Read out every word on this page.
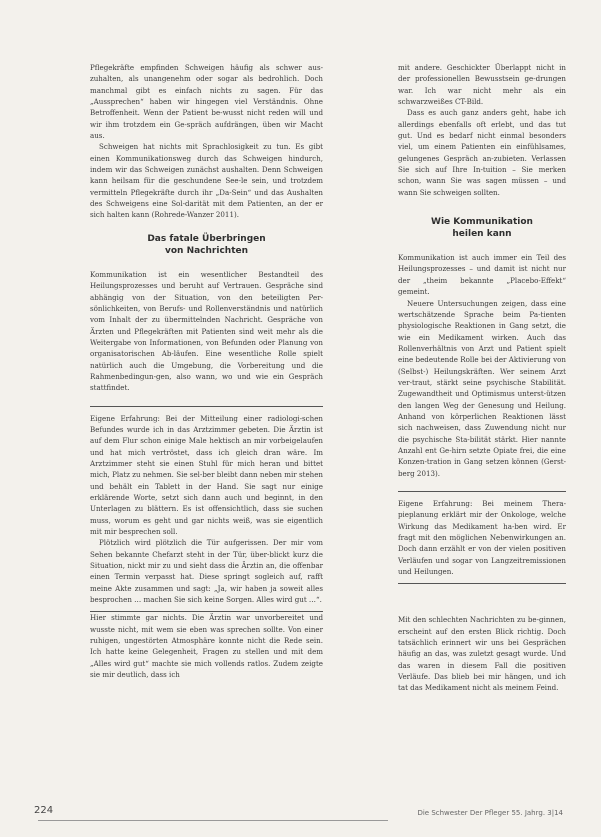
Pflegekräfte empfinden Schweigen häufig als schwer aus-zuhalten, als unangenehm oder sogar als bedrohlich. Doch manchmal gibt es einfach nichts zu sagen. Für das „Aussprechen“ haben wir hingegen viel Verständnis. Ohne Betroffenheit. Wenn der Patient be-wusst nicht reden will und wir ihm trotzdem ein Ge-spräch aufdrängen, üben wir Macht aus.

Schweigen hat nichts mit Sprachlosigkeit zu tun. Es gibt einen Kommunikationsweg durch das Schweigen hindurch, indem wir das Schweigen zunächst aushalten. Denn Schweigen kann heilsam für die geschundene See-le sein, und trotzdem vermitteln Pflegekräfte durch ihr „Da-Sein“ und das Aushalten des Schweigens eine Sol-darität mit dem Patienten, an der er sich halten kann (Rohrede-Wanzer 2011).

Das fatale Überbringen
von Nachrichten

Kommunikation ist ein wesentlicher Bestandteil des Heilungsprozesses und beruht auf Vertrauen. Gespräche sind abhängig von der Situation, von den beteiligten Per-sönlichkeiten, von Berufs- und Rollenverständnis und natürlich vom Inhalt der zu übermittelnden Nachricht. Gespräche von Ärzten und Pflegekräften mit Patienten sind weit mehr als die Weitergabe von Informationen, von Befunden oder Planung von organisatorischen Ab-läufen. Eine wesentliche Rolle spielt natürlich auch die Umgebung, die Vorbereitung und die Rahmenbedingun-gen, also wann, wo und wie ein Gespräch stattfindet.

Eigene Erfahrung: Bei der Mitteilung einer radiologi-schen Befundes wurde ich in das Arztzimmer gebeten. Die Ärztin ist auf dem Flur schon einige Male hektisch an mir vorbeigelaufen und hat mich vertröstet, dass ich gleich dran wäre. Im Arztzimmer steht sie einen Stuhl für mich heran und bittet mich, Platz zu nehmen. Sie sel-ber bleibt dann neben mir stehen und behält ein Tablett in der Hand. Sie sagt nur einige erklärende Worte, setzt sich dann auch und beginnt, in den Unterlagen zu blättern. Es ist offensichtlich, dass sie suchen muss, worum es geht und gar nichts weiß, was sie eigentlich mit mir besprechen soll.

Plötzlich wird plötzlich die Tür aufgerissen. Der mir vom Sehen bekannte Chefarzt steht in der Tür, über-blickt kurz die Situation, nickt mir zu und sieht dass die Ärztin an, die offenbar einen Termin verpasst hat. Diese springt sogleich auf, rafft meine Akte zusammen und sagt: „Ja, wir haben ja soweit alles besprochen … machen Sie sich keine Sorgen. Alles wird gut …“.

Hier stimmte gar nichts. Die Ärztin war unvorbereitet und wusste nicht, mit wem sie eben was sprechen sollte. Von einer ruhigen, ungestörten Atmosphäre konnte nicht die Rede sein. Ich hatte keine Gelegenheit, Fragen zu stellen und mit dem „Alles wird gut“ machte sie mich vollends ratlos. Zudem zeigte sie mir deutlich, dass ich

mit andere. Geschickter Überlappt nicht in der professionellen Bewusstsein ge-drungen war. Ich war nicht mehr als ein schwarzweißes CT-Bild.

Dass es auch ganz anders geht, habe ich allerdings ebenfalls oft erlebt, und das tut gut. Und es bedarf nicht einmal besonders viel, um einem Patienten ein einfühlsames, gelungenes Gespräch an-zubieten. Verlassen Sie sich auf Ihre In-tuition – Sie merken schon, wann Sie was sagen müssen – und wann Sie schweigen sollten.

Wie Kommunikation
heilen kann

Kommunikation ist auch immer ein Teil des Heilungsprozesses – und damit ist nicht nur der „theim bekannte „Placebo-Effekt“ gemeint.

Neuere Untersuchungen zeigen, dass eine wertschätzende Sprache beim Pa-tienten physiologische Reaktionen in Gang setzt, die wie ein Medikament wirken. Auch das Rollenverhältnis von Arzt und Patient spielt eine bedeutende Rolle bei der Aktivierung von (Selbst-) Heilungskräften. Wer seinem Arzt ver-traut, stärkt seine psychische Stabilität. Zugewandtheit und Optimismus unterst-ützen den langen Weg der Genesung und Heilung. Anhand von körperlichen Reaktionen lässt sich nachweisen, dass Zuwendung nicht nur die psychische Sta-bilität stärkt. Hier nannte Anzahl ent Ge-hirn setzte Opiate frei, die eine Konzen-tration in Gang setzen können (Gerst-berg 2013).

Eigene Erfahrung: Bei meinem Thera-pieplanung erklärt mir der Onkologe, welche Wirkung das Medikament ha-ben wird. Er fragt mit den möglichen Nebenwirkungen an. Doch dann erzählt er von der vielen positiven Verläufen und sogar von Langzeitremissionen und Heilungen.

Mit den schlechten Nachrichten zu be-ginnen, erscheint auf den ersten Blick richtig. Doch tatsächlich erinnert wir uns bei Gesprächen häufig an das, was zuletzt gesagt wurde. Und das waren in diesem Fall die positiven Verläufe. Das blieb bei mir hängen, und ich tat das Medikament nicht als meinem Feind.

224	Die Schwester Der Pfleger 55. Jahrg. 3|14
